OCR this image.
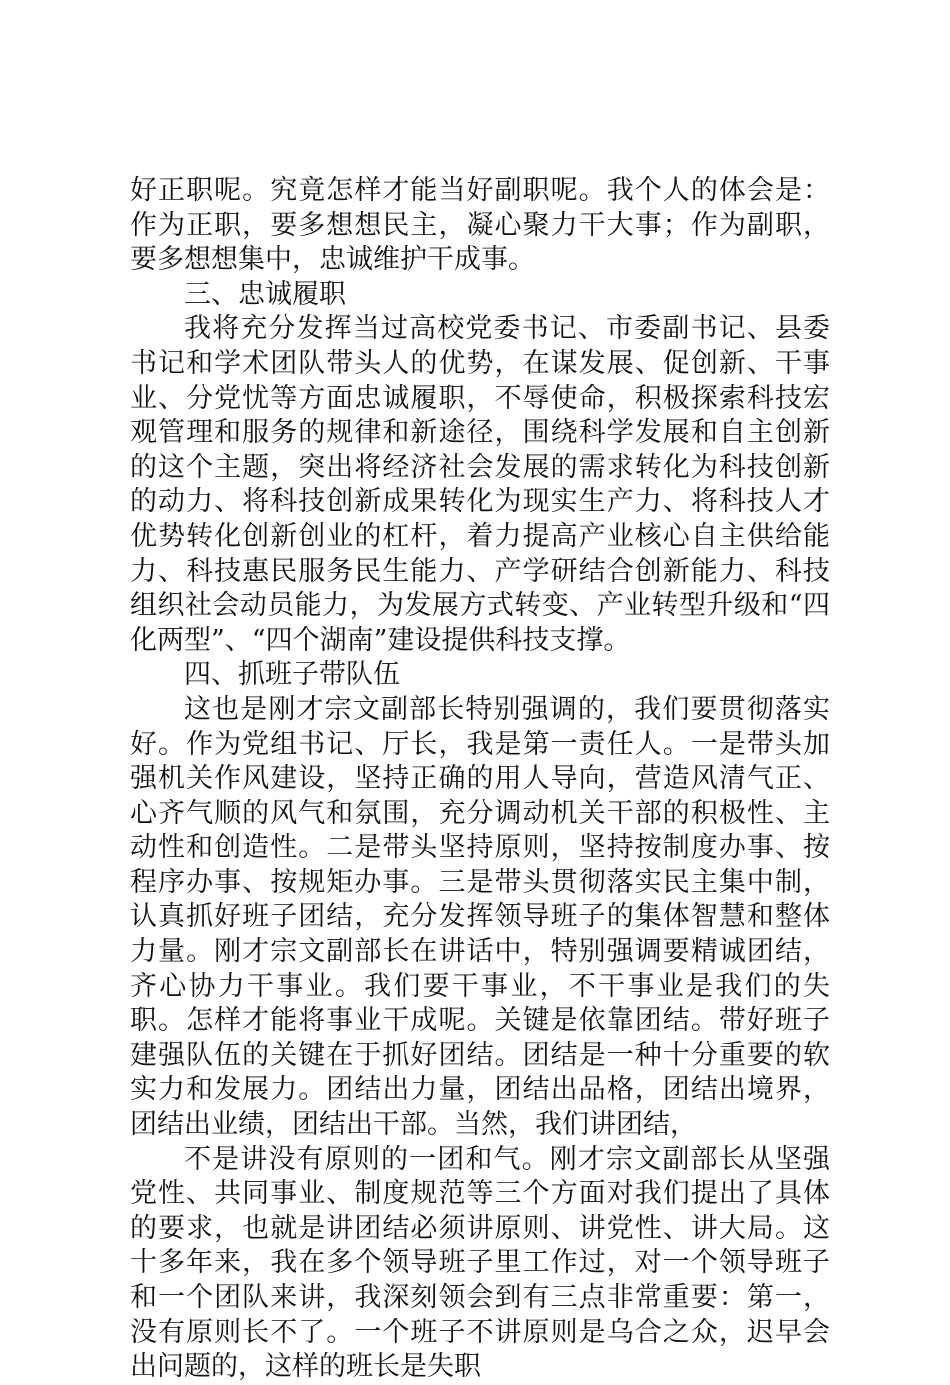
好正职呢。究竟怎样才能当好副职呢。我个人的体会是：作为正职，要多想想民主，凝心聚力干大事；作为副职，要多想想集中，忠诚维护干成事。

三、忠诚履职

我将充分发挥当过高校党委书记、市委副书记、县委书记和学术团队带头人的优势，在谋发展、促创新、干事业、分党忧等方面忠诚履职，不辱使命，积极探索科技宏观管理和服务的规律和新途径，围绕科学发展和自主创新的这个主题，突出将经济社会发展的需求转化为科技创新的动力、将科技创新成果转化为现实生产力、将科技人才优势转化创新创业的杠杆，着力提高产业核心自主供给能力、科技惠民服务民生能力、产学研结合创新能力、科技组织社会动员能力，为发展方式转变、产业转型升级和“四化两型”、“四个湖南”建设提供科技支撑。

四、抓班子带队伍

这也是刚才宗文副部长特别强调的，我们要贯彻落实好。作为党组书记、厅长，我是第一责任人。一是带头加强机关作风建设，坚持正确的用人导向，营造风清气正、心齐气顺的风气和氛围，充分调动机关干部的积极性、主动性和创造性。二是带头坚持原则，坚持按制度办事、按程序办事、按规矩办事。三是带头贯彻落实民主集中制，认真抓好班子团结，充分发挥领导班子的集体智慧和整体力量。刚才宗文副部长在讲话中，特别强调要精诚团结，齐心协力干事业。我们要干事业，不干事业是我们的失职。怎样才能将事业干成呢。关键是依靠团结。带好班子建强队伍的关键在于抓好团结。团结是一种十分重要的软实力和发展力。团结出力量，团结出品格，团结出境界，团结出业绩，团结出干部。当然，我们讲团结，

不是讲没有原则的一团和气。刚才宗文副部长从坚强党性、共同事业、制度规范等三个方面对我们提出了具体的要求，也就是讲团结必须讲原则、讲党性、讲大局。这十多年来，我在多个领导班子里工作过，对一个领导班子和一个团队来讲，我深刻领会到有三点非常重要：第一，没有原则长不了。一个班子不讲原则是乌合之众，迟早会出问题的，这样的班长是失职
